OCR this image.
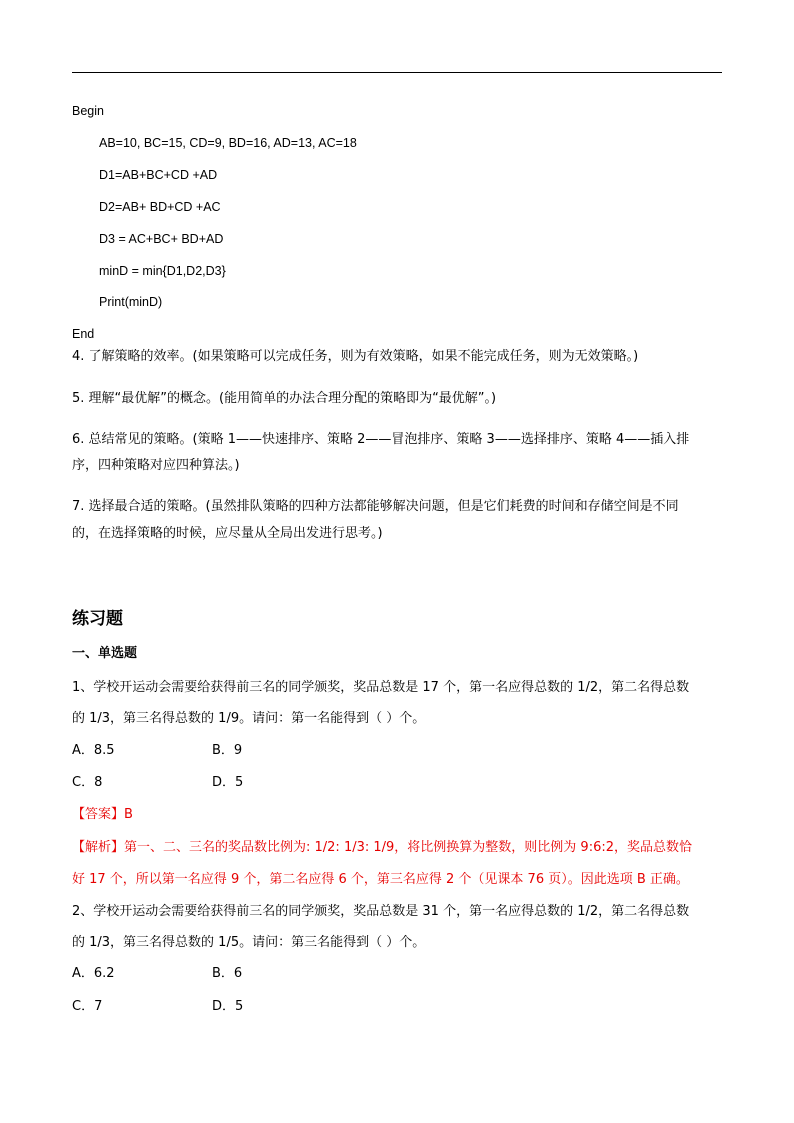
Begin
AB=10, BC=15, CD=9, BD=16, AD=13, AC=18
D1=AB+BC+CD +AD
D2=AB+ BD+CD +AC
D3 = AC+BC+ BD+AD
minD = min{D1,D2,D3}
Print(minD)
End
4. 了解策略的效率。(如果策略可以完成任务，则为有效策略，如果不能完成任务，则为无效策略。)
5. 理解“最优解”的概念。(能用简单的办法合理分配的策略即为“最优解”。)
6. 总结常见的策略。(策略 1——快速排序、策略 2——冒泡排序、策略 3——选择排序、策略 4——插入排
序，四种策略对应四种算法。)
7. 选择最合适的策略。(虽然排队策略的四种方法都能够解决问题，但是它们耗费的时间和存储空间是不同
的，在选择策略的时候，应尽量从全局出发进行思考。)
练习题
一、单选题
1、学校开运动会需要给获得前三名的同学颁奖，奖品总数是 17 个，第一名应得总数的 1/2，第二名得总数
的 1/3，第三名得总数的 1/9。请问：第一名能得到（ ）个。
A．8.5	B．9
C．8	D．5
【答案】B
【解析】第一、二、三名的奖品数比例为: 1/2: 1/3: 1/9，将比例换算为整数，则比例为 9:6:2，奖品总数恰
好 17 个，所以第一名应得 9 个，第二名应得 6 个，第三名应得 2 个（见课本 76 页）。因此选项 B 正确。
2、学校开运动会需要给获得前三名的同学颁奖，奖品总数是 31 个，第一名应得总数的 1/2，第二名得总数
的 1/3，第三名得总数的 1/5。请问：第三名能得到（ ）个。
A．6.2	B．6
C．7	D．5
